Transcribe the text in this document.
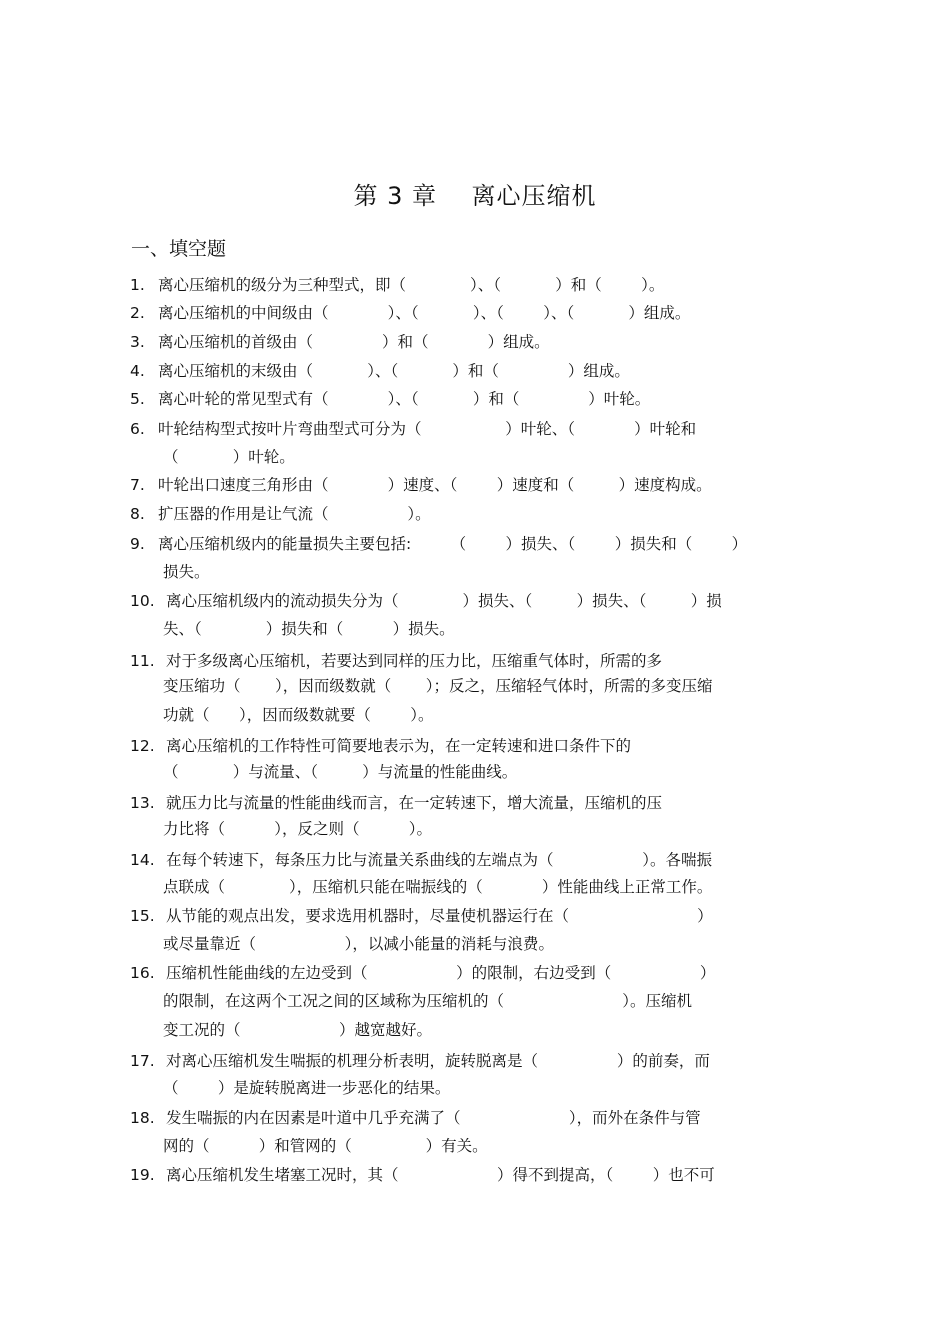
第 3 章    离心压缩机
一、填空题
1. 离心压缩机的级分为三种型式，即（             ）、（           ）和（        ）。
2. 离心压缩机的中间级由（            ）、（           ）、（        ）、（           ）组成。
3. 离心压缩机的首级由（              ）和（            ）组成。
4. 离心压缩机的末级由（           ）、（           ）和（              ）组成。
5. 离心叶轮的常见型式有（            ）、（           ）和（              ）叶轮。
6. 叶轮结构型式按叶片弯曲型式可分为（                 ）叶轮、（            ）叶轮和
（           ）叶轮。
7. 叶轮出口速度三角形由（            ）速度、（        ）速度和（         ）速度构成。
8. 扩压器的作用是让气流（                ）。
9. 离心压缩机级内的能量损失主要包括:        （        ）损失、（        ）损失和（        ）
损失。
10. 离心压缩机级内的流动损失分为（             ）损失、（         ）损失、（         ）损
失、（             ）损失和（          ）损失。
11. 对于多级离心压缩机，若要达到同样的压力比，压缩重气体时，所需的多
变压缩功（       ），因而级数就（       ）；反之，压缩轻气体时，所需的多变压缩
功就（      ），因而级数就要（        ）。
12. 离心压缩机的工作特性可简要地表示为，在一定转速和进口条件下的
（           ）与流量、（         ）与流量的性能曲线。
13. 就压力比与流量的性能曲线而言，在一定转速下，增大流量，压缩机的压
力比将（          ），反之则（          ）。
14. 在每个转速下，每条压力比与流量关系曲线的左端点为（                  ）。各喘振
点联成（             ），压缩机只能在喘振线的（            ）性能曲线上正常工作。
15. 从节能的观点出发，要求选用机器时，尽量使机器运行在（                          ）
或尽量靠近（                  ），以减小能量的消耗与浪费。
16. 压缩机性能曲线的左边受到（                  ）的限制，右边受到（                  ）
的限制，在这两个工况之间的区域称为压缩机的（                        ）。压缩机
变工况的（                    ）越宽越好。
17. 对离心压缩机发生喘振的机理分析表明，旋转脱离是（                ）的前奏，而
（        ）是旋转脱离进一步恶化的结果。
18. 发生喘振的内在因素是叶道中几乎充满了（                      ），而外在条件与管
网的（          ）和管网的（               ）有关。
19. 离心压缩机发生堵塞工况时，其（                    ）得不到提高，（        ）也不可
